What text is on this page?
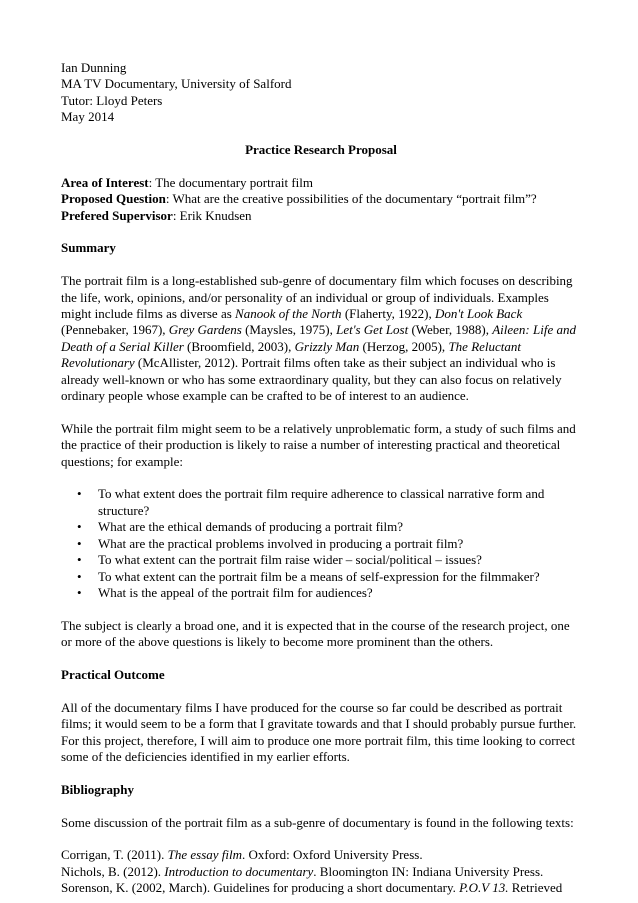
Ian Dunning

MA TV Documentary, University of Salford

Tutor: Lloyd Peters

May 2014

Practice Research Proposal

Area of Interest: The documentary portrait film

Proposed Question: What are the creative possibilities of the documentary “portrait film”?

Prefered Supervisor: Erik Knudsen

Summary

The portrait film is a long-established sub-genre of documentary film which focuses on describing the life, work, opinions, and/or personality of an individual or group of individuals. Examples might include films as diverse as Nanook of the North (Flaherty, 1922), Don't Look Back (Pennebaker, 1967), Grey Gardens (Maysles, 1975), Let's Get Lost (Weber, 1988), Aileen: Life and Death of a Serial Killer (Broomfield, 2003), Grizzly Man (Herzog, 2005), The Reluctant Revolutionary (McAllister, 2012). Portrait films often take as their subject an individual who is already well-known or who has some extraordinary quality, but they can also focus on relatively ordinary people whose example can be crafted to be of interest to an audience.

While the portrait film might seem to be a relatively unproblematic form, a study of such films and the practice of their production is likely to raise a number of interesting practical and theoretical questions; for example:

• To what extent does the portrait film require adherence to classical narrative form and structure?
• What are the ethical demands of producing a portrait film?
• What are the practical problems involved in producing a portrait film?
• To what extent can the portrait film raise wider – social/political – issues?
• To what extent can the portrait film be a means of self-expression for the filmmaker?
• What is the appeal of the portrait film for audiences?

The subject is clearly a broad one, and it is expected that in the course of the research project, one or more of the above questions is likely to become more prominent than the others.

Practical Outcome

All of the documentary films I have produced for the course so far could be described as portrait films; it would seem to be a form that I gravitate towards and that I should probably pursue further. For this project, therefore, I will aim to produce one more portrait film, this time looking to correct some of the deficiencies identified in my earlier efforts.

Bibliography

Some discussion of the portrait film as a sub-genre of documentary is found in the following texts:

Corrigan, T. (2011). The essay film. Oxford: Oxford University Press.

Nichols, B. (2012). Introduction to documentary. Bloomington IN: Indiana University Press.

Sorenson, K. (2002, March). Guidelines for producing a short documentary. P.O.V 13. Retrieved
